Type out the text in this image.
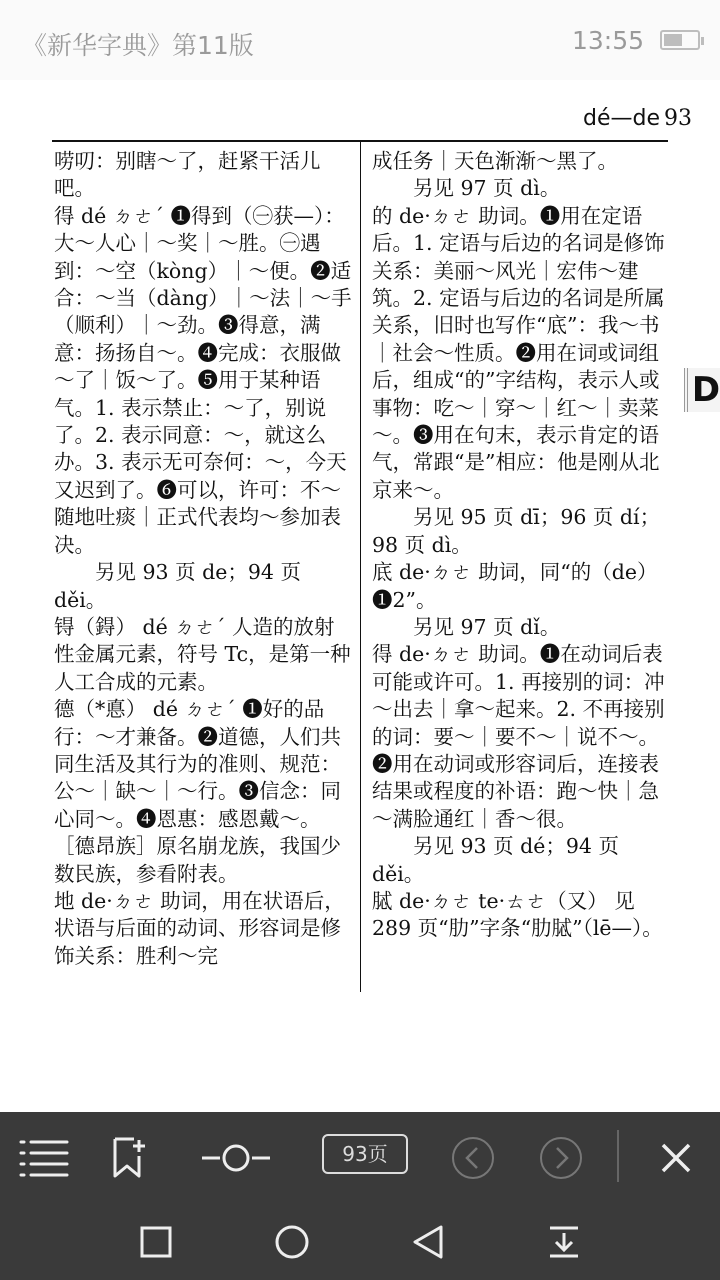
《新华字典》第11版	13:55
dé—de 93

唠叨：别瞎～了，赶紧干活儿吧。

得 dé ㄉㄜˊ ❶得到（㊀获—）：大～人心｜～奖｜～胜。㊀遇到：～空（kòng）｜～便。❷适合：～当（dàng）｜～法｜～手（顺利）｜～劲。❸得意，满意：扬扬自～。❹完成：衣服做～了｜饭～了。❺用于某种语气。1. 表示禁止：～了，别说了。2. 表示同意：～，就这么办。3. 表示无可奈何：～，今天又迟到了。❻可以，许可：不～随地吐痰｜正式代表均～参加表决。

另见 93 页 de；94 页 děi。

锝（鍀） dé ㄉㄜˊ 人造的放射性金属元素，符号 Tc，是第一种人工合成的元素。

德（*悳） dé ㄉㄜˊ ❶好的品行：～才兼备。❷道德，人们共同生活及其行为的准则、规范：公～｜缺～｜～行。❸信念：同心同～。❹恩惠：感恩戴～。

［德昂族］原名崩龙族，我国少数民族，参看附表。

地 de·ㄉㄜ 助词，用在状语后，状语与后面的动词、形容词是修饰关系：胜利～完

成任务｜天色渐渐～黑了。

另见 97 页 dì。

的 de·ㄉㄜ 助词。❶用在定语后。1. 定语与后边的名词是修饰关系：美丽～风光｜宏伟～建筑。2. 定语与后边的名词是所属关系，旧时也写作“底”：我～书｜社会～性质。❷用在词或词组后，组成“的”字结构，表示人或事物：吃～｜穿～｜红～｜卖菜～。❸用在句末，表示肯定的语气，常跟“是”相应：他是刚从北京来～。

另见 95 页 dī；96 页 dí；98 页 dì。

底 de·ㄉㄜ 助词，同“的（de）❶2”。

另见 97 页 dǐ。

得 de·ㄉㄜ 助词。❶在动词后表可能或许可。1. 再接别的词：冲～出去｜拿～起来。2. 不再接别的词：要～｜要不～｜说不～。❷用在动词或形容词后，连接表结果或程度的补语：跑～快｜急～满脸通红｜香～很。

另见 93 页 dé；94 页 děi。

脦 de·ㄉㄜ te·ㄊㄜ（又） 见 289 页“肋”字条“肋脦”（lē—）。

D
93页
